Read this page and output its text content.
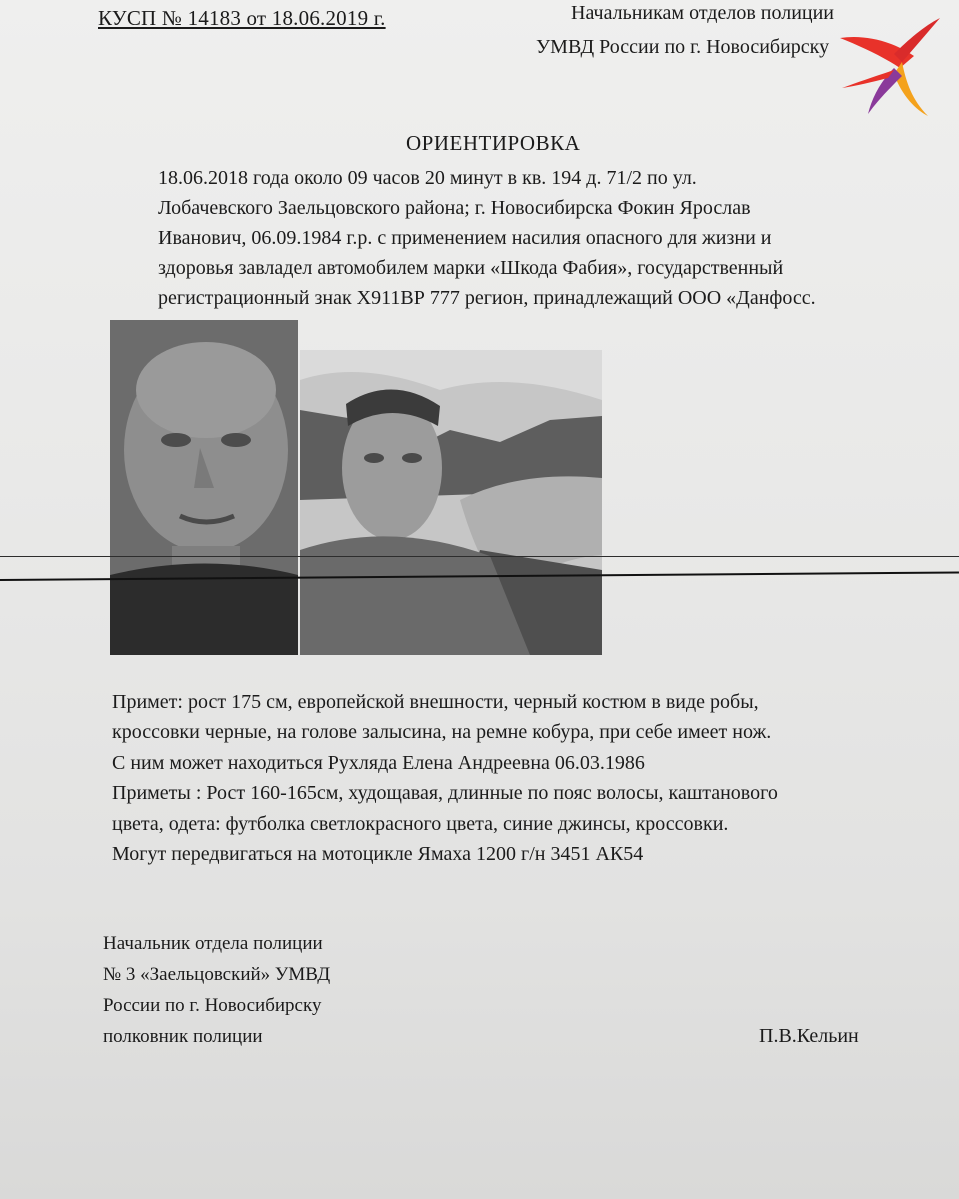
КУСП № 14183 от 18.06.2019 г.	Начальникам отделов полиции
УМВД России по г. Новосибирску
ОРИЕНТИРОВКА
18.06.2018 года около 09 часов 20 минут в кв. 194 д. 71/2 по ул.
Лобачевского Заельцовского района; г. Новосибирска Фокин Ярослав
Иванович, 06.09.1984 г.р. с применением насилия опасного для жизни и
здоровья завладел автомобилем марки «Шкода Фабия», государственный
регистрационный знак Х911ВР 777 регион, принадлежащий ООО «Данфосс.
Примет: рост 175 см, европейской внешности, черный костюм в виде робы,
кроссовки черные, на голове залысина, на ремне кобура, при себе имеет нож.
С ним может находиться Рухляда Елена Андреевна 06.03.1986
Приметы : Рост 160-165см, худощавая, длинные по пояс волосы, каштанового
цвета, одета: футболка светлокрасного цвета, синие джинсы, кроссовки.
Могут передвигаться на мотоцикле Ямаха 1200 г/н 3451 АК54
Начальник отдела полиции
№ 3 «Заельцовский» УМВД
России по г. Новосибирску
полковник полиции	П.В.Кельин
